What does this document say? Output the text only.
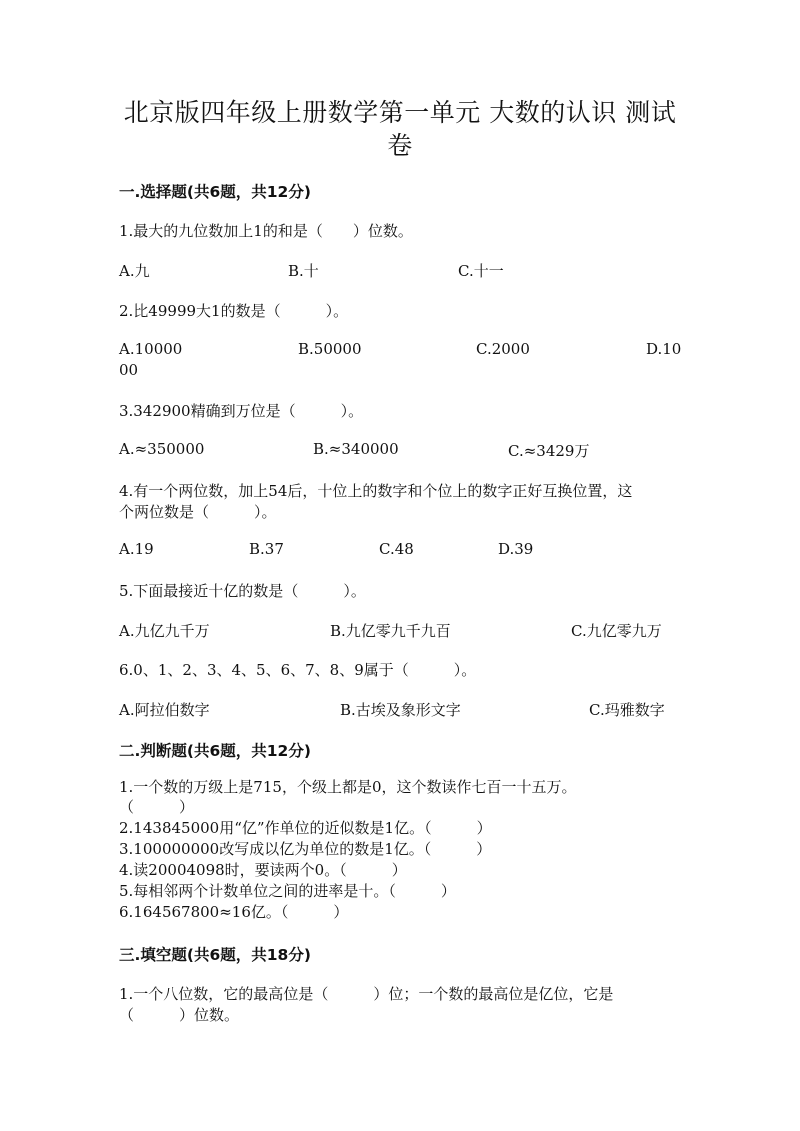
北京版四年级上册数学第一单元 大数的认识 测试
卷
一.选择题(共6题，共12分)
1.最大的九位数加上1的和是（　　）位数。
A.九	B.十	C.十一
2.比49999大1的数是（　　　）。
A.10000	B.50000	C.2000	D.10
00
3.342900精确到万位是（　　　）。
A.≈350000	B.≈340000	C.≈3429万
4.有一个两位数，加上54后，十位上的数字和个位上的数字正好互换位置，这
个两位数是（　　　）。
A.19	B.37	C.48	D.39
5.下面最接近十亿的数是（　　　）。
A.九亿九千万	B.九亿零九千九百	C.九亿零九万
6.0、1、2、3、4、5、6、7、8、9属于（　　　）。
A.阿拉伯数字	B.古埃及象形文字	C.玛雅数字
二.判断题(共6题，共12分)
1.一个数的万级上是715，个级上都是0，这个数读作七百一十五万。
（　　　）
2.143845000用“亿”作单位的近似数是1亿。（　　　）
3.100000000改写成以亿为单位的数是1亿。（　　　）
4.读20004098时，要读两个0。（　　　）
5.每相邻两个计数单位之间的进率是十。（　　　）
6.164567800≈16亿。（　　　）
三.填空题(共6题，共18分)
1.一个八位数，它的最高位是（　　　）位；一个数的最高位是亿位，它是
（　　　）位数。
